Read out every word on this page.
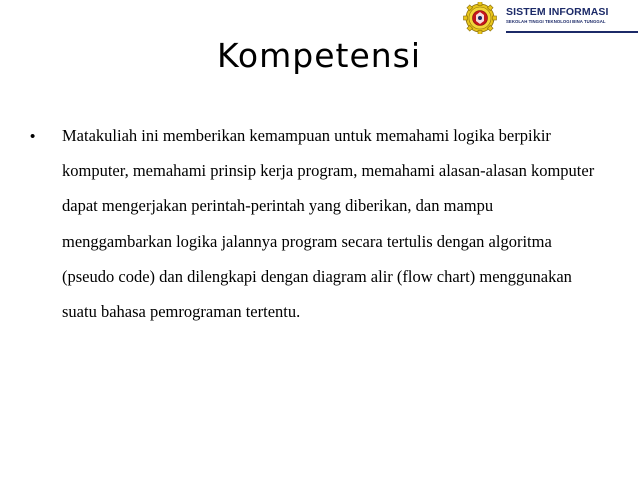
SISTEM INFORMASI
SEKOLAH TINGGI TEKNOLOGI BINA TUNGGAL
Kompetensi
• Matakuliah ini memberikan kemampuan untuk memahami logika berpikir komputer, memahami prinsip kerja program, memahami alasan-alasan komputer dapat mengerjakan perintah-perintah yang diberikan, dan mampu menggambarkan logika jalannya program secara tertulis dengan algoritma (pseudo code) dan dilengkapi dengan diagram alir (flow chart) menggunakan suatu bahasa pemrograman tertentu.
